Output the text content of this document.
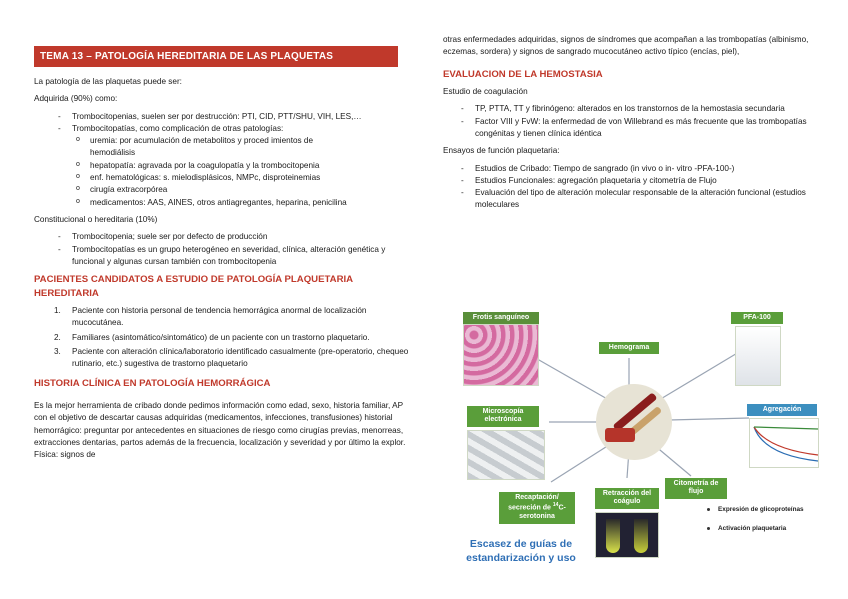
TEMA 13 – PATOLOGÍA HEREDITARIA DE LAS PLAQUETAS

La patología de las plaquetas puede ser:

Adquirida (90%) como:

- Trombocitopenias, suelen ser por destrucción: PTI, CID, PTT/SHU, VIH, LES,…
- Trombocitopatías, como complicación de otras patologías:
o uremia: por acumulación de metabolitos y proced imientos de hemodiálisis
o hepatopatía: agravada por la coagulopatía y la trombocitopenia
o enf. hematológicas: s. mielodisplásicos, NMPc, disproteinemias
o cirugía extracorpórea
o medicamentos: AAS, AINES, otros antiagregantes, heparina, penicilina

Constitucional o hereditaria (10%)

- Trombocitopenia; suele ser por defecto de producción
- Trombocitopatías es un grupo heterogéneo en severidad, clínica, alteración genética y funcional y algunas cursan también con trombocitopenia

PACIENTES CANDIDATOS A ESTUDIO DE PATOLOGÍA PLAQUETARIA HEREDITARIA

1. Paciente con historia personal de tendencia hemorrágica anormal de localización mucocutánea.
2. Familiares (asintomático/sintomático) de un paciente con un trastorno plaquetario.
3. Paciente con alteración clínica/laboratorio identificado casualmente (pre-operatorio, chequeo rutinario, etc.) sugestiva de trastorno plaquetario

HISTORIA CLÍNICA EN PATOLOGÍA HEMORRÁGICA

Es la mejor herramienta de cribado donde pedimos información como edad, sexo, historia familiar, AP con el objetivo de descartar causas adquiridas (medicamentos, infecciones, transfusiones) historial hemorrágico: preguntar por antecedentes en situaciones de riesgo como cirugías previas, menorreas, extracciones dentarias, partos además de la frecuencia, localización y severidad y por último la explor. Física: signos de

otras enfermedades adquiridas, signos de síndromes que acompañan a las trombopatías (albinismo, eczemas, sordera) y signos de sangrado mucocutáneo activo típico (encías, piel),

EVALUACION DE LA HEMOSTASIA

Estudio de coagulación

- TP, PTTA, TT y fibrinógeno: alterados en los transtornos de la hemostasia secundaria
- Factor VIII y FvW: la enfermedad de von Willebrand es más frecuente que las trombopatías congénitas y tienen clínica idéntica

Ensayos de función plaquetaria:

- Estudios de Cribado: Tiempo de sangrado (in vivo o in- vitro -PFA-100-)
- Estudios Funcionales: agregación plaquetaria y citometría de Flujo
- Evaluación del tipo de alteración molecular responsable de la alteración funcional (estudios moleculares
Frotis sanguíneo
Hemograma
PFA-100
Microscopía electrónica
Agregación
Recaptación/
secreción de $^{14}$C-serotonina
Retracción del coágulo
Citometría de flujo
Expresión de glicoproteínas
Activación plaquetaria
Escasez de guías de
estandarización y uso
